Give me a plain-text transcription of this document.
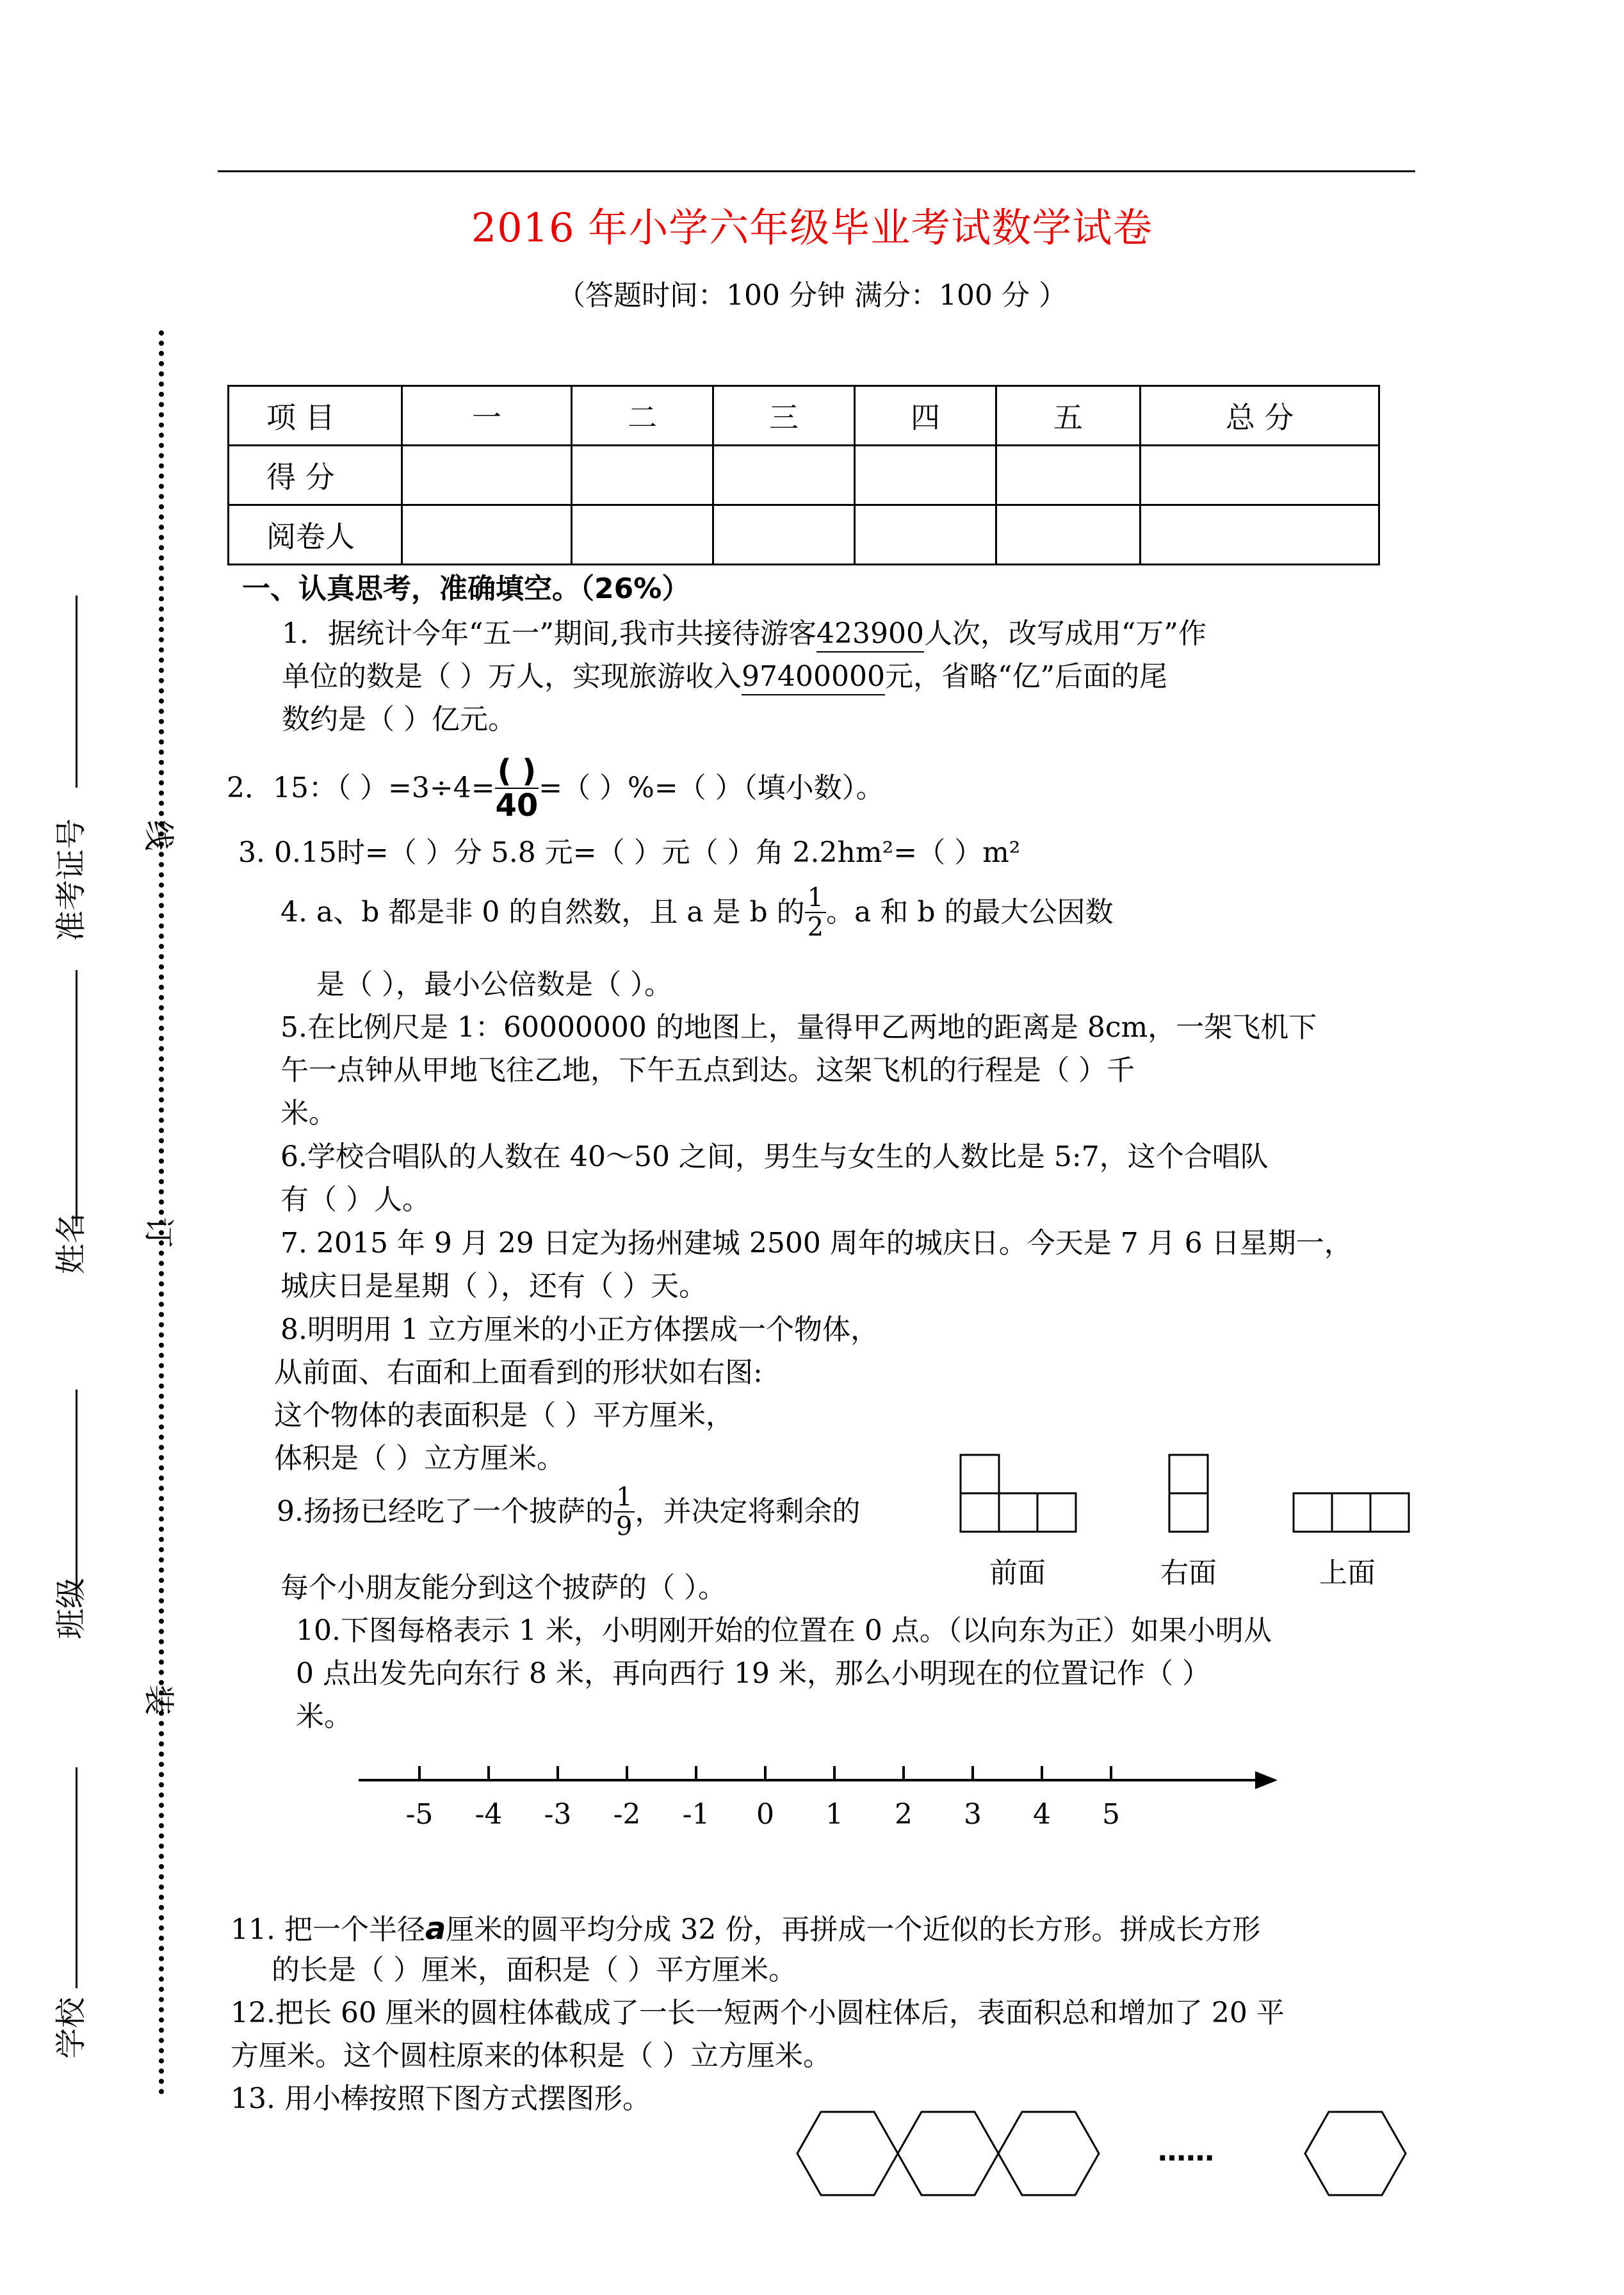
2016 年小学六年级毕业考试数学试卷
（答题时间：100 分钟 满分：100 分 ）
装
订
线
学校
班级
姓名
准考证号
项 目	一	二	三	四	五	总 分
得 分						
阅卷人						
一、认真思考，准确填空。（26%）
1．据统计今年“五一”期间,我市共接待游客423900人次，改写成用“万”作
单位的数是（ ）万人，实现旅游收入97400000元，省略“亿”后面的尾
数约是（ ）亿元。
2．15：（ ）$=3\div 4= \frac{( )}{40}$ =（ ）%=（ ）（填小数）。
3. 0.15时=（ ）分 5.8 元=（ ）元（ ）角 2.2hm²=（ ）m²
4. a、b 都是非 0 的自然数，且 a 是 b 的 $\frac{1}{2}$ 。a 和 b 的最大公因数
是（ ），最小公倍数是（ ）。
5.在比例尺是 1：60000000 的地图上，量得甲乙两地的距离是 8cm，一架飞机下
午一点钟从甲地飞往乙地，下午五点到达。这架飞机的行程是（ ）千
米。
6.学校合唱队的人数在 40～50 之间，男生与女生的人数比是 5:7，这个合唱队
有（ ）人。
7. 2015 年 9 月 29 日定为扬州建城 2500 周年的城庆日。今天是 7 月 6 日星期一，
城庆日是星期（ ），还有（ ）天。
8.明明用 1 立方厘米的小正方体摆成一个物体，
从前面、右面和上面看到的形状如右图:
这个物体的表面积是（ ）平方厘米，
体积是（ ）立方厘米。
前面	右面	上面
9.扬扬已经吃了一个披萨的 $\frac{1}{9}$ ，并决定将剩余的
每个小朋友能分到这个披萨的（ ）。
10.下图每格表示 1 米，小明刚开始的位置在 0 点。（以向东为正）如果小明从
0 点出发先向东行 8 米，再向西行 19 米，那么小明现在的位置记作（ ）
米。
-5 -4 -3 -2 -1 0 1 2 3 4 5
11. 把一个半径a厘米的圆平均分成 32 份，再拼成一个近似的长方形。拼成长方形
的长是（ ）厘米，面积是（ ）平方厘米。
12.把长 60 厘米的圆柱体截成了一长一短两个小圆柱体后，表面积总和增加了 20 平
方厘米。这个圆柱原来的体积是（ ）立方厘米。
13. 用小棒按照下图方式摆图形。
……
